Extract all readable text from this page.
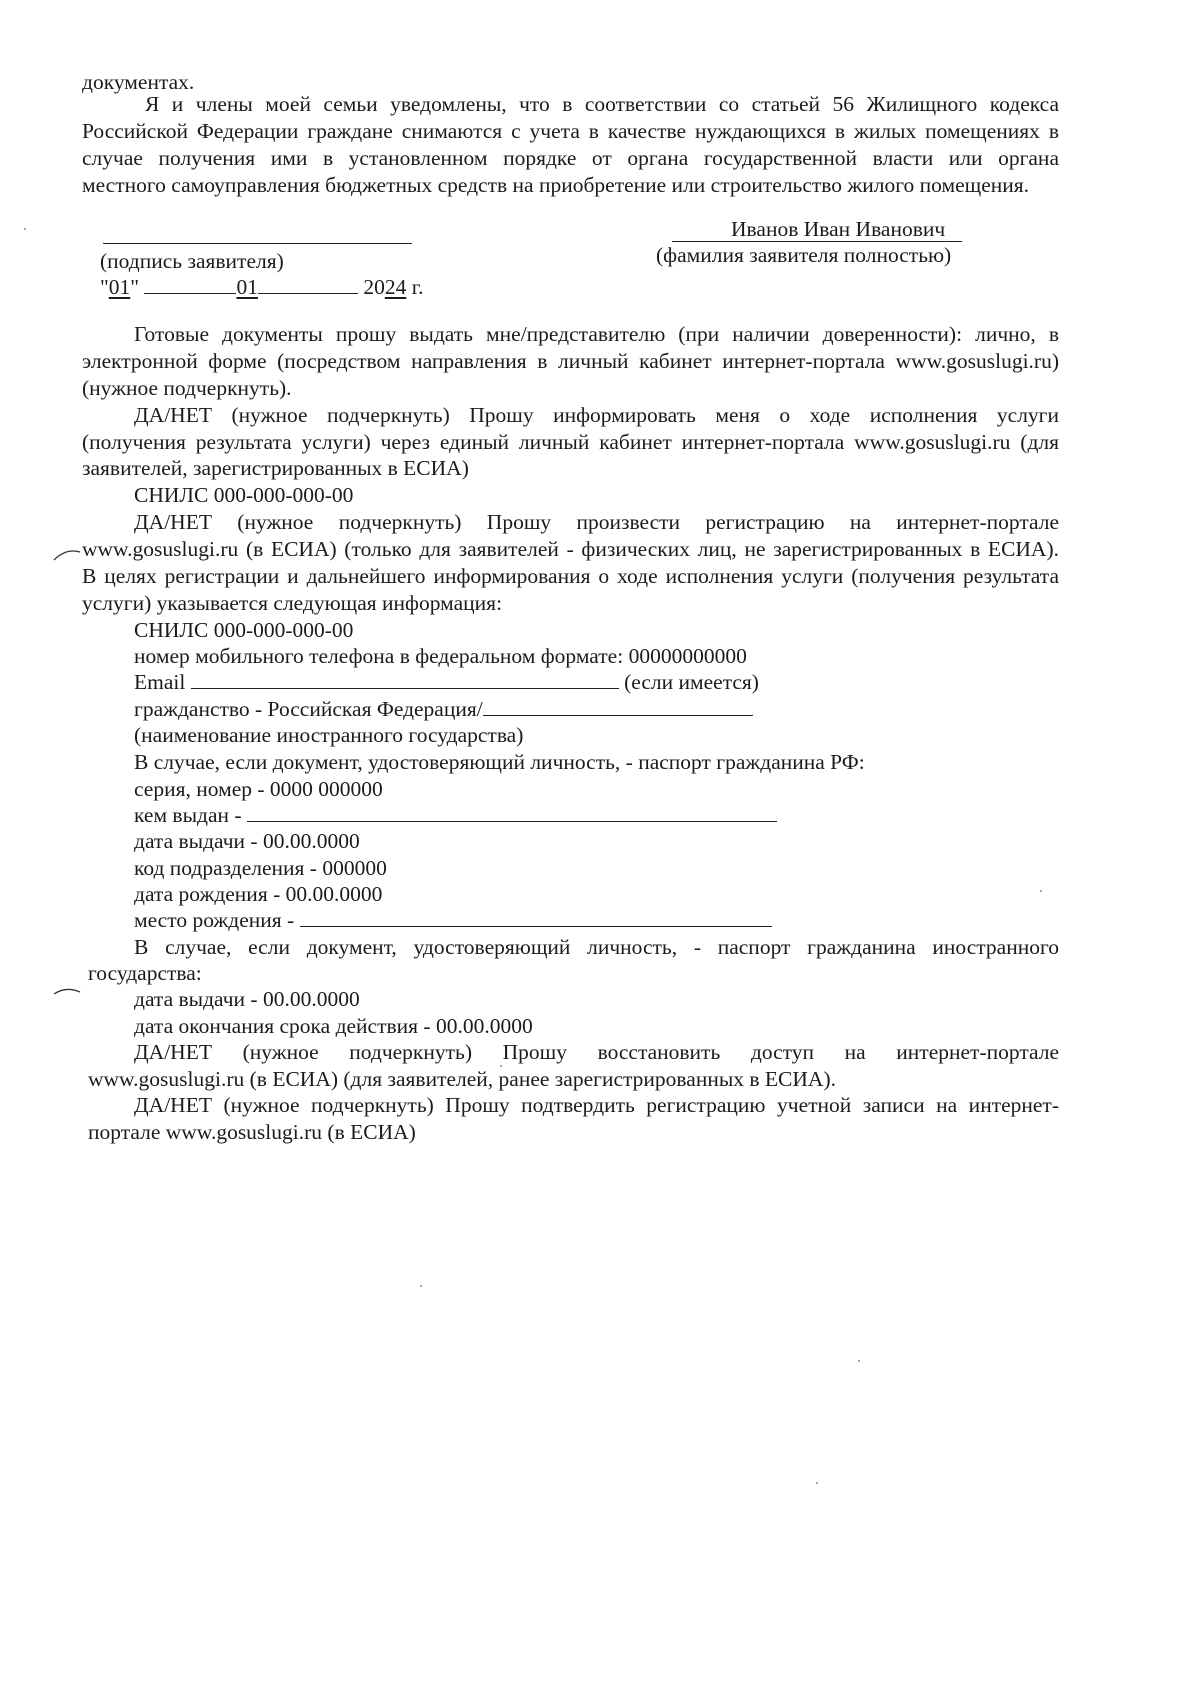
документах.
Я и члены моей семьи уведомлены, что в соответствии со статьей 56 Жилищного кодекса
Российской Федерации граждане снимаются с учета в качестве нуждающихся в жилых помещениях в
случае получения ими в установленном порядке от органа государственной власти или органа
местного самоуправления бюджетных средств на приобретение или строительство жилого помещения.
Иванов Иван Иванович
(фамилия заявителя полностью)
(подпись заявителя)
"01"	01	2024 г.
Готовые документы прошу выдать мне/представителю (при наличии доверенности): лично, в
электронной форме (посредством направления в личный кабинет интернет-портала www.gosuslugi.ru)
(нужное подчеркнуть).
ДА/НЕТ (нужное подчеркнуть) Прошу информировать меня о ходе исполнения услуги
(получения результата услуги) через единый личный кабинет интернет-портала www.gosuslugi.ru (для
заявителей, зарегистрированных в ЕСИА)
СНИЛС 000-000-000-00
ДА/НЕТ (нужное подчеркнуть) Прошу произвести регистрацию на интернет-портале
www.gosuslugi.ru (в ЕСИА) (только для заявителей - физических лиц, не зарегистрированных в ЕСИА).
В целях регистрации и дальнейшего информирования о ходе исполнения услуги (получения результата
услуги) указывается следующая информация:
СНИЛС 000-000-000-00
номер мобильного телефона в федеральном формате: 00000000000
Email	(если имеется)
гражданство - Российская Федерация/
(наименование иностранного государства)
В случае, если документ, удостоверяющий личность, - паспорт гражданина РФ:
серия, номер - 0000 000000
кем выдан -
дата выдачи - 00.00.0000
код подразделения - 000000
дата рождения - 00.00.0000
место рождения -
В случае, если документ, удостоверяющий личность, - паспорт гражданина иностранного
государства:
дата выдачи - 00.00.0000
дата окончания срока действия - 00.00.0000
ДА/НЕТ (нужное подчеркнуть) Прошу восстановить доступ на интернет-портале
www.gosuslugi.ru (в ЕСИА) (для заявителей, ранее зарегистрированных в ЕСИА).
ДА/НЕТ (нужное подчеркнуть) Прошу подтвердить регистрацию учетной записи на интернет-
портале www.gosuslugi.ru (в ЕСИА)
